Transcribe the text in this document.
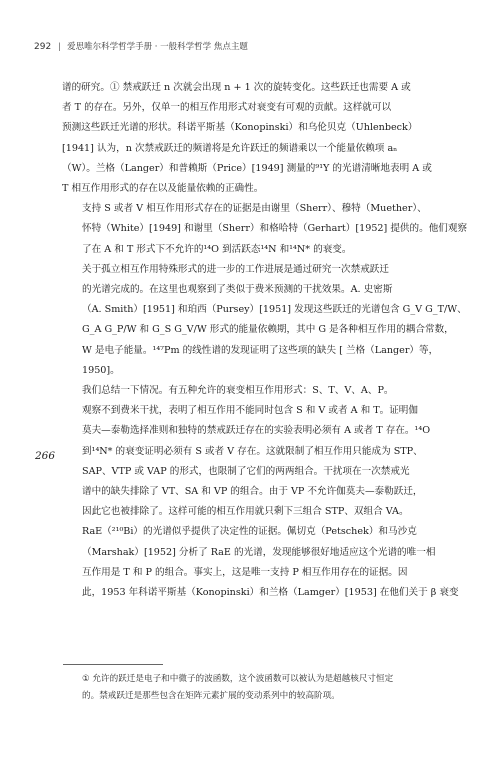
292 | 爱思唯尔科学哲学手册 · 一般科学哲学 焦点主题
266

谱的研究。① 禁戒跃迁 n 次就会出现 n + 1 次的旋转变化。这些跃迁也需要 A 或
者 T 的存在。另外，仅单一的相互作用形式对衰变有可观的贡献。这样就可以
预测这些跃迁光谱的形状。科诺平斯基（Konopinski）和乌伦贝克（Uhlenbeck）
[1941] 认为，n 次禁戒跃迁的频谱将是允许跃迁的频谱乘以一个能量依赖项 aₙ
（W）。兰格（Langer）和普赖斯（Price）[1949] 测量的⁹¹Y 的光谱清晰地表明 A 或
T 相互作用形式的存在以及能量依赖的正确性。

支持 S 或者 V 相互作用形式存在的证据是由谢里（Sherr）、穆特（Muether）、
怀特（White）[1949] 和谢里（Sherr）和格哈特（Gerhart）[1952] 提供的。他们观察
了在 A 和 T 形式下不允许的¹⁴O 到活跃态¹⁴N 和¹⁴N* 的衰变。

关于孤立相互作用特殊形式的进一步的工作进展是通过研究一次禁戒跃迁
的光谱完成的。在这里也观察到了类似于费米预测的干扰效果。A. 史密斯
（A. Smith）[1951] 和珀西（Pursey）[1951] 发现这些跃迁的光谱包含 G_V G_T/W、
G_A G_P/W 和 G_S G_V/W 形式的能量依赖期，其中 G 是各种相互作用的耦合常数，
W 是电子能量。¹⁴⁷Pm 的线性谱的发现证明了这些项的缺失 [ 兰格（Langer）等，
1950]。

我们总结一下情况。有五种允许的衰变相互作用形式：S、T、V、A、P。
观察不到费米干扰，表明了相互作用不能同时包含 S 和 V 或者 A 和 T。证明伽
莫夫—泰勒选择准则和独特的禁戒跃迁存在的实验表明必须有 A 或者 T 存在。¹⁴O
到¹⁴N* 的衰变证明必须有 S 或者 V 存在。这就限制了相互作用只能成为 STP、
SAP、VTP 或 VAP 的形式，也限制了它们的两两组合。干扰项在一次禁戒光
谱中的缺失排除了 VT、SA 和 VP 的组合。由于 VP 不允许伽莫夫—泰勒跃迁，
因此它也被排除了。这样可能的相互作用就只剩下三组合 STP、双组合 VA。

RaE（²¹⁰Bi）的光谱似乎提供了决定性的证据。佩切克（Petschek）和马沙克
（Marshak）[1952] 分析了 RaE 的光谱，发现能够很好地适应这个光谱的唯一相
互作用是 T 和 P 的组合。事实上，这是唯一支持 P 相互作用存在的证据。因
此，1953 年科诺平斯基（Konopinski）和兰格（Lamger）[1953] 在他们关于 β 衰变

① 允许的跃迁是电子和中微子的波函数，这个波函数可以被认为是超越核尺寸恒定
的。禁戒跃迁是那些包含在矩阵元素扩展的变动系列中的较高阶项。
